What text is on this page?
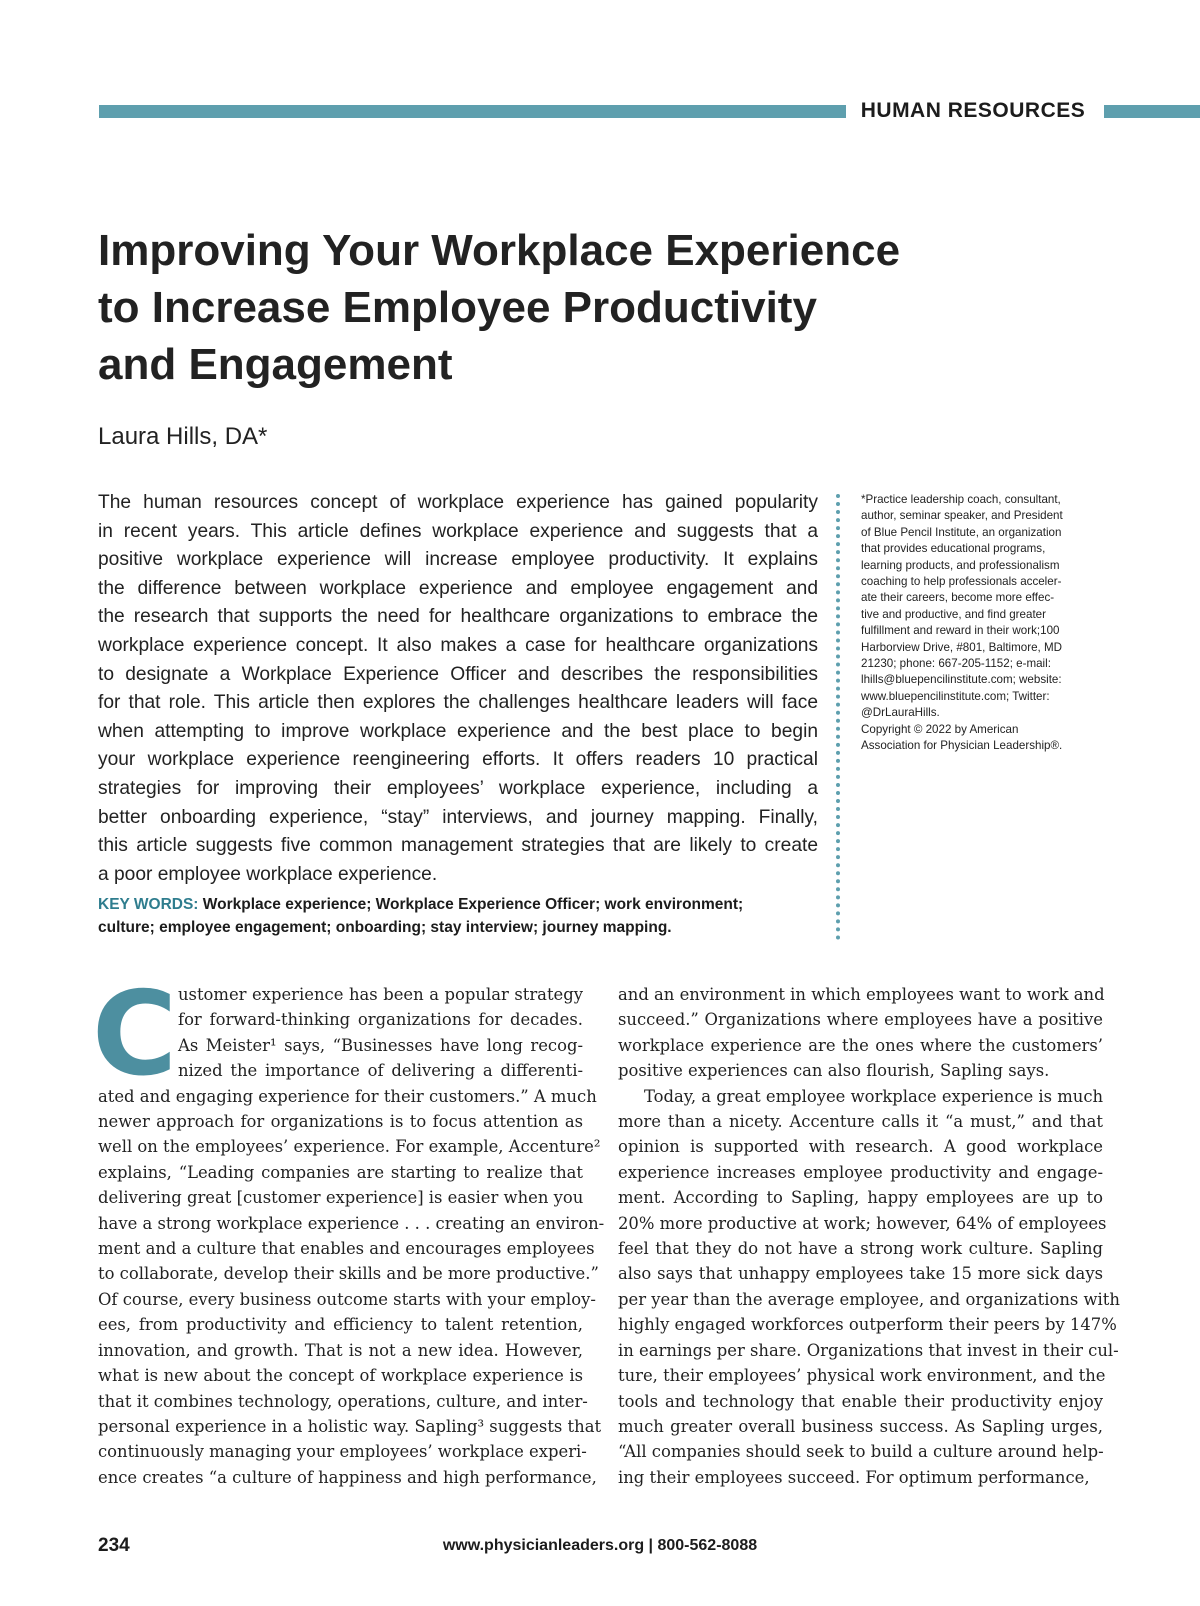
HUMAN RESOURCES
Improving Your Workplace Experience
to Increase Employee Productivity
and Engagement
Laura Hills, DA*
The human resources concept of workplace experience has gained popularity
in recent years. This article defines workplace experience and suggests that a
positive workplace experience will increase employee productivity. It explains
the difference between workplace experience and employee engagement and
the research that supports the need for healthcare organizations to embrace the
workplace experience concept. It also makes a case for healthcare organizations
to designate a Workplace Experience Officer and describes the responsibilities
for that role. This article then explores the challenges healthcare leaders will face
when attempting to improve workplace experience and the best place to begin
your workplace experience reengineering efforts. It offers readers 10 practical
strategies for improving their employees’ workplace experience, including a
better onboarding experience, “stay” interviews, and journey mapping. Finally,
this article suggests five common management strategies that are likely to create
a poor employee workplace experience.
KEY WORDS: Workplace experience; Workplace Experience Officer; work environment;
culture; employee engagement; onboarding; stay interview; journey mapping.
*Practice leadership coach, consultant,
author, seminar speaker, and President
of Blue Pencil Institute, an organization
that provides educational programs,
learning products, and professionalism
coaching to help professionals acceler-
ate their careers, become more effec-
tive and productive, and find greater
fulfillment and reward in their work;100
Harborview Drive, #801, Baltimore, MD
21230; phone: 667-205-1152; e-mail:
lhills@bluepencilinstitute.com; website:
www.bluepencilinstitute.com; Twitter:
@DrLauraHills.
Copyright © 2022 by American
Association for Physician Leadership®.
C ustomer experience has been a popular strategy
for forward-thinking organizations for decades.
As Meister¹ says, “Businesses have long recog-
nized the importance of delivering a differenti-
ated and engaging experience for their customers.” A much
newer approach for organizations is to focus attention as
well on the employees’ experience. For example, Accenture²
explains, “Leading companies are starting to realize that
delivering great [customer experience] is easier when you
have a strong workplace experience . . . creating an environ-
ment and a culture that enables and encourages employees
to collaborate, develop their skills and be more productive.”
Of course, every business outcome starts with your employ-
ees, from productivity and efficiency to talent retention,
innovation, and growth. That is not a new idea. However,
what is new about the concept of workplace experience is
that it combines technology, operations, culture, and inter-
personal experience in a holistic way. Sapling³ suggests that
continuously managing your employees’ workplace experi-
ence creates “a culture of happiness and high performance,
and an environment in which employees want to work and
succeed.” Organizations where employees have a positive
workplace experience are the ones where the customers’
positive experiences can also flourish, Sapling says.
Today, a great employee workplace experience is much
more than a nicety. Accenture calls it “a must,” and that
opinion is supported with research. A good workplace
experience increases employee productivity and engage-
ment. According to Sapling, happy employees are up to
20% more productive at work; however, 64% of employees
feel that they do not have a strong work culture. Sapling
also says that unhappy employees take 15 more sick days
per year than the average employee, and organizations with
highly engaged workforces outperform their peers by 147%
in earnings per share. Organizations that invest in their cul-
ture, their employees’ physical work environment, and the
tools and technology that enable their productivity enjoy
much greater overall business success. As Sapling urges,
“All companies should seek to build a culture around help-
ing their employees succeed. For optimum performance,
234	www.physicianleaders.org | 800-562-8088
